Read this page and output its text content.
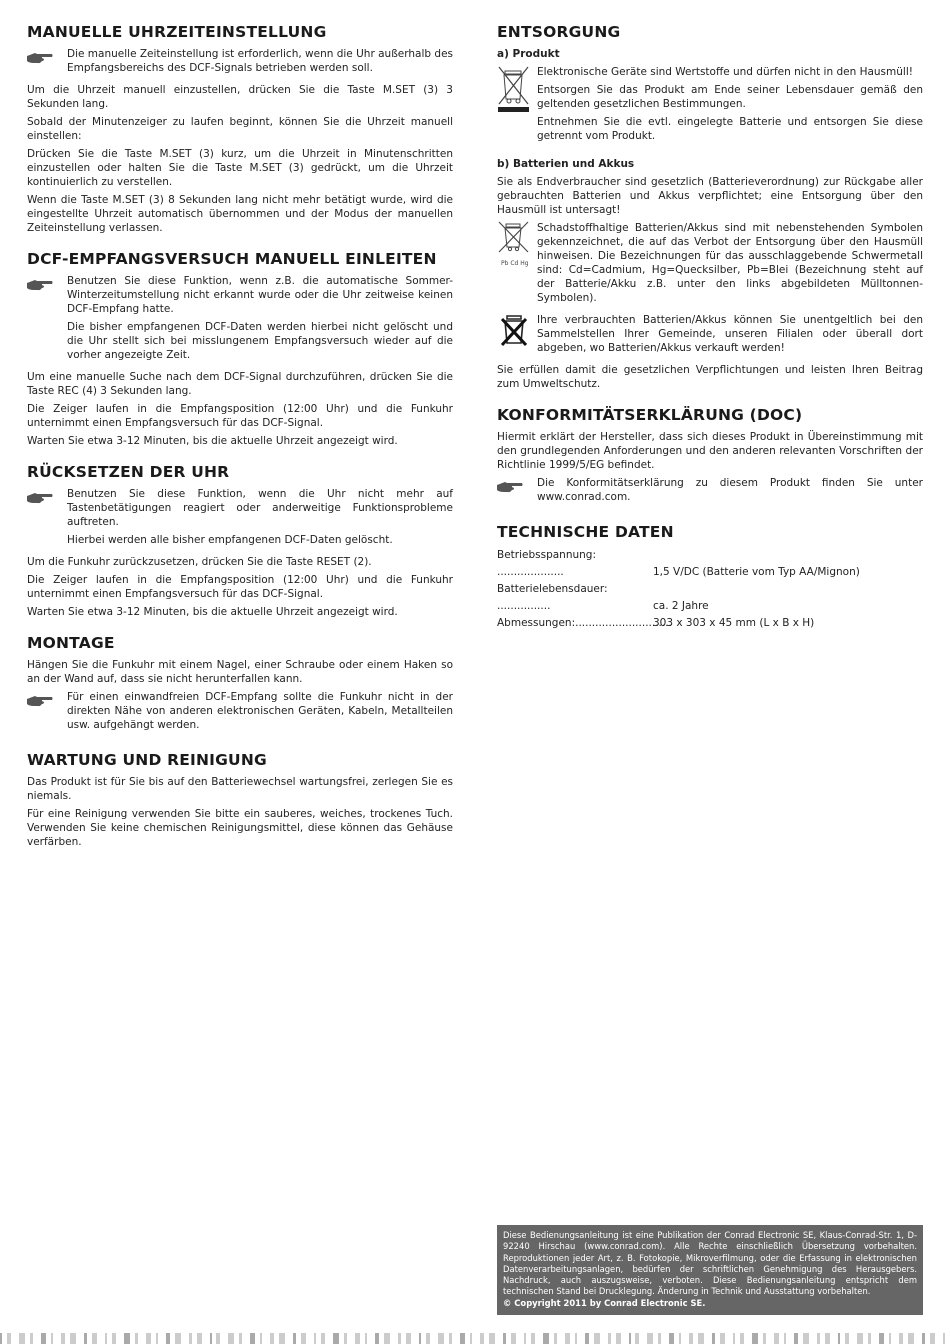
MANUELLE UHRZEITEINSTELLUNG

Die manuelle Zeiteinstellung ist erforderlich, wenn die Uhr außerhalb des Empfangsbereichs des DCF-Signals betrieben werden soll.

Um die Uhrzeit manuell einzustellen, drücken Sie die Taste M.SET (3) 3 Sekunden lang.

Sobald der Minutenzeiger zu laufen beginnt, können Sie die Uhrzeit manuell einstellen:

Drücken Sie die Taste M.SET (3) kurz, um die Uhrzeit in Minutenschritten einzustellen oder halten Sie die Taste M.SET (3) gedrückt, um die Uhrzeit kontinuierlich zu verstellen.

Wenn die Taste M.SET (3) 8 Sekunden lang nicht mehr betätigt wurde, wird die eingestellte Uhrzeit automatisch übernommen und der Modus der manuellen Zeiteinstellung verlassen.

DCF-EMPFANGSVERSUCH MANUELL EINLEITEN

Benutzen Sie diese Funktion, wenn z.B. die automatische Sommer-Winterzeitumstellung nicht erkannt wurde oder die Uhr zeitweise keinen DCF-Empfang hatte.

Die bisher empfangenen DCF-Daten werden hierbei nicht gelöscht und die Uhr stellt sich bei misslungenem Empfangsversuch wieder auf die vorher angezeigte Zeit.

Um eine manuelle Suche nach dem DCF-Signal durchzuführen, drücken Sie die Taste REC (4) 3 Sekunden lang.

Die Zeiger laufen in die Empfangsposition (12:00 Uhr) und die Funkuhr unternimmt einen Empfangsversuch für das DCF-Signal.

Warten Sie etwa 3-12 Minuten, bis die aktuelle Uhrzeit angezeigt wird.

RÜCKSETZEN DER UHR

Benutzen Sie diese Funktion, wenn die Uhr nicht mehr auf Tastenbetätigungen reagiert oder anderweitige Funktionsprobleme auftreten.

Hierbei werden alle bisher empfangenen DCF-Daten gelöscht.

Um die Funkuhr zurückzusetzen, drücken Sie die Taste RESET (2).

Die Zeiger laufen in die Empfangsposition (12:00 Uhr) und die Funkuhr unternimmt einen Empfangsversuch für das DCF-Signal.

Warten Sie etwa 3-12 Minuten, bis die aktuelle Uhrzeit angezeigt wird.

MONTAGE

Hängen Sie die Funkuhr mit einem Nagel, einer Schraube oder einem Haken so an der Wand auf, dass sie nicht herunterfallen kann.

Für einen einwandfreien DCF-Empfang sollte die Funkuhr nicht in der direkten Nähe von anderen elektronischen Geräten, Kabeln, Metallteilen usw. aufgehängt werden.

WARTUNG UND REINIGUNG

Das Produkt ist für Sie bis auf den Batteriewechsel wartungsfrei, zerlegen Sie es niemals.

Für eine Reinigung verwenden Sie bitte ein sauberes, weiches, trockenes Tuch. Verwenden Sie keine chemischen Reinigungsmittel, diese können das Gehäuse verfärben.

ENTSORGUNG
a) Produkt

Elektronische Geräte sind Wertstoffe und dürfen nicht in den Hausmüll!

Entsorgen Sie das Produkt am Ende seiner Lebensdauer gemäß den geltenden gesetzlichen Bestimmungen.

Entnehmen Sie die evtl. eingelegte Batterie und entsorgen Sie diese getrennt vom Produkt.

b) Batterien und Akkus

Sie als Endverbraucher sind gesetzlich (Batterieverordnung) zur Rückgabe aller gebrauchten Batterien und Akkus verpflichtet; eine Entsorgung über den Hausmüll ist untersagt!

Pb Cd Hg

Schadstoffhaltige Batterien/Akkus sind mit nebenstehenden Symbolen gekennzeichnet, die auf das Verbot der Entsorgung über den Hausmüll hinweisen. Die Bezeichnungen für das ausschlaggebende Schwermetall sind: Cd=Cadmium, Hg=Quecksilber, Pb=Blei (Bezeichnung steht auf der Batterie/Akku z.B. unter den links abgebildeten Mülltonnen-Symbolen).

Ihre verbrauchten Batterien/Akkus können Sie unentgeltlich bei den Sammelstellen Ihrer Gemeinde, unseren Filialen oder überall dort abgeben, wo Batterien/Akkus verkauft werden!

Sie erfüllen damit die gesetzlichen Verpflichtungen und leisten Ihren Beitrag zum Umweltschutz.

KONFORMITÄTSERKLÄRUNG (DOC)

Hiermit erklärt der Hersteller, dass sich dieses Produkt in Übereinstimmung mit den grundlegenden Anforderungen und den anderen relevanten Vorschriften der Richtlinie 1999/5/EG befindet.

Die Konformitätserklärung zu diesem Produkt finden Sie unter www.conrad.com.

TECHNISCHE DATEN
Betriebsspannung: ....................	1,5 V/DC (Batterie vom Typ AA/Mignon)
Batterielebensdauer: ................	ca. 2 Jahre
Abmessungen:.............................303 x 303 x 45 mm (L x B x H)
Diese Bedienungsanleitung ist eine Publikation der Conrad Electronic SE, Klaus-Conrad-Str. 1, D-92240 Hirschau (www.conrad.com). Alle Rechte einschließlich Übersetzung vorbehalten. Reproduktionen jeder Art, z. B. Fotokopie, Mikroverfilmung, oder die Erfassung in elektronischen Datenverarbeitungsanlagen, bedürfen der schriftlichen Genehmigung des Herausgebers. Nachdruck, auch auszugsweise, verboten. Diese Bedienungsanleitung entspricht dem technischen Stand bei Drucklegung. Änderung in Technik und Ausstattung vorbehalten.
© Copyright 2011 by Conrad Electronic SE.
